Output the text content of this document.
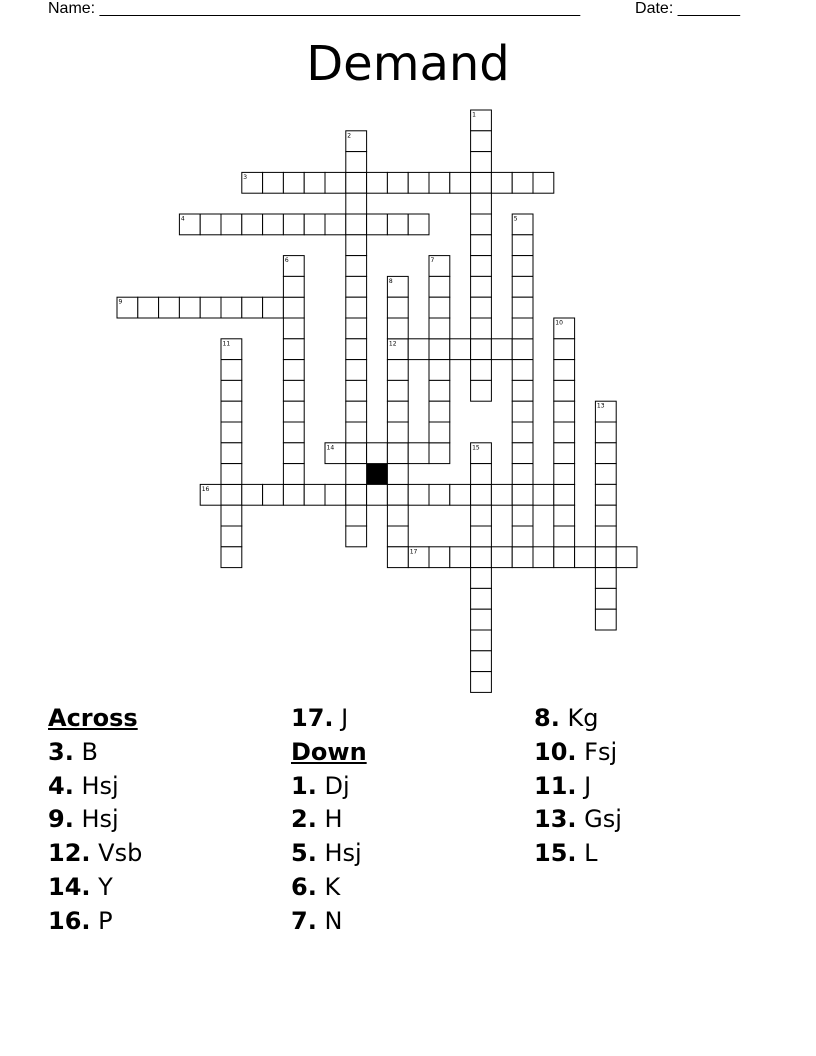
Name: ______________________________________________________	Date: _______
Demand
3
4
9
12
14
16
17
1
2
5
6	7
8
10
11
13
15
Across
3. B
4. Hsj
9. Hsj
12. Vsb
14. Y
16. P
17. J
Down
1. Dj
2. H
5. Hsj
6. K
7. N
8. Kg
10. Fsj
11. J
13. Gsj
15. L
